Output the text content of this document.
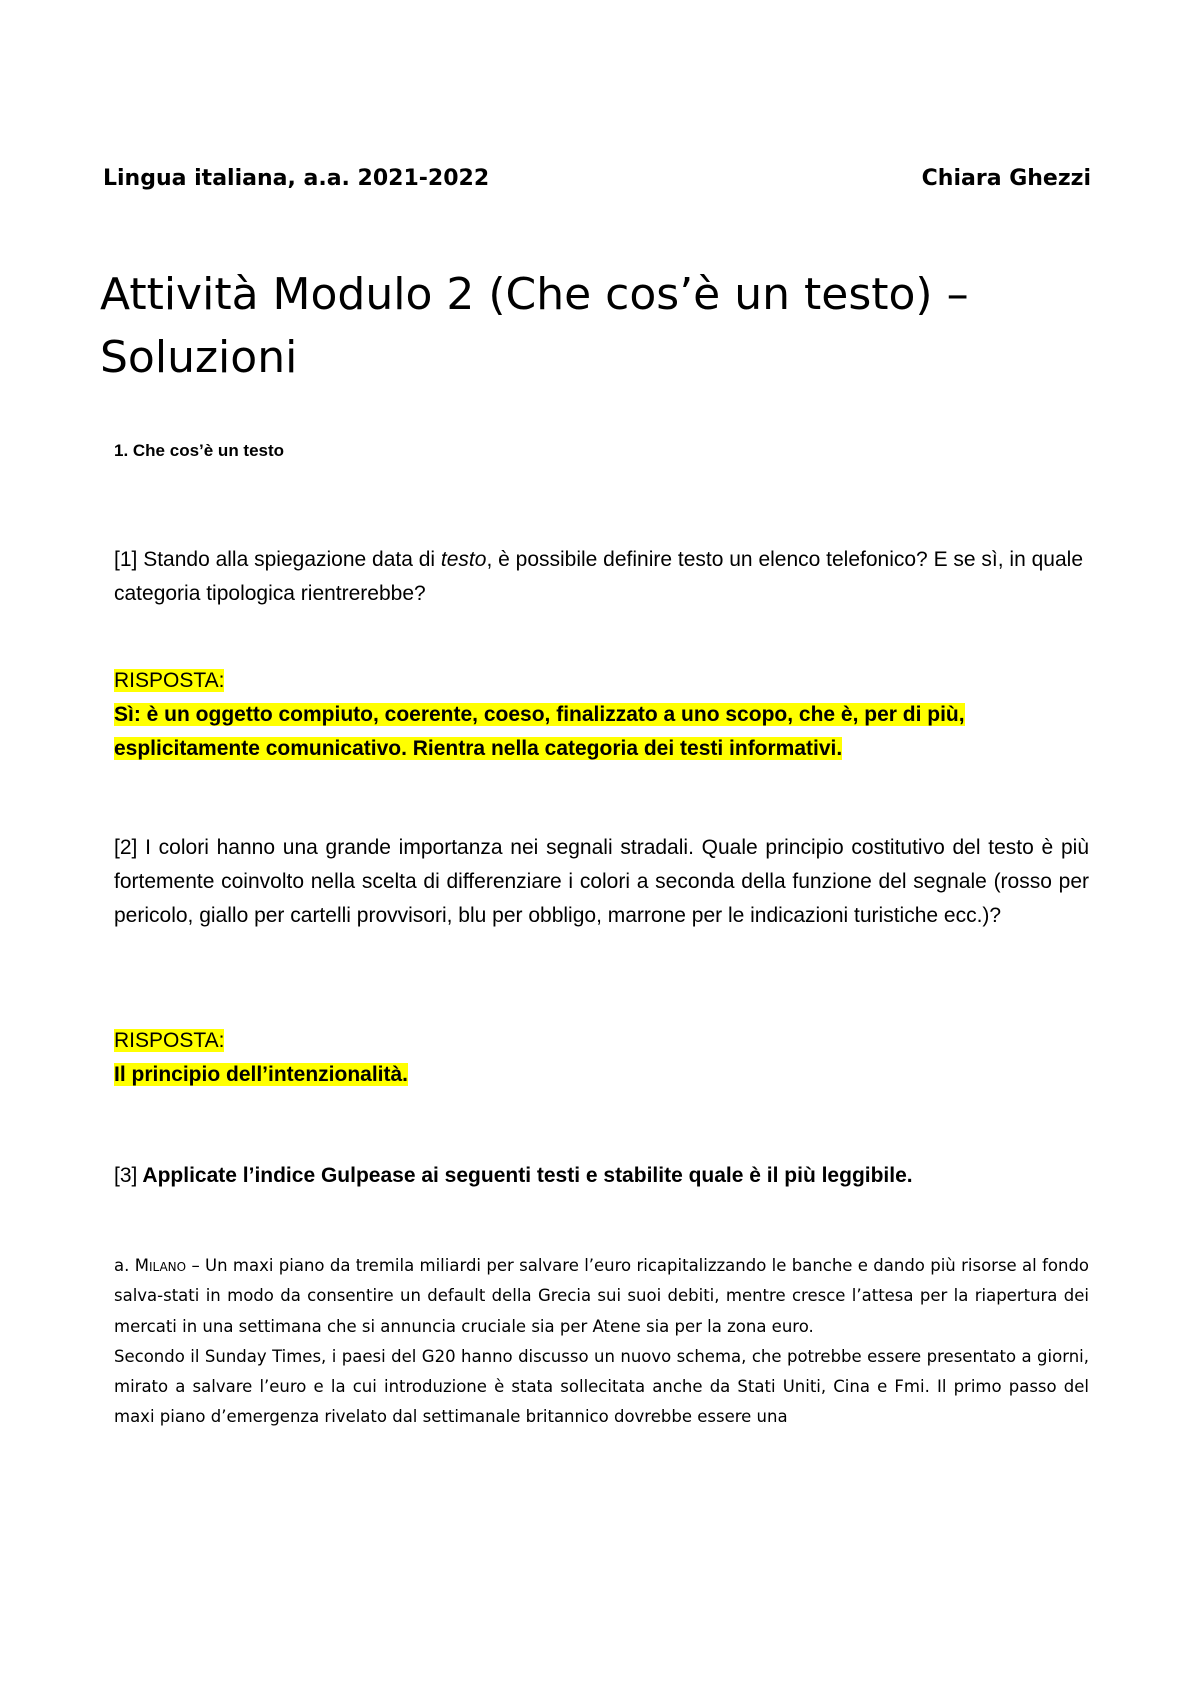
Lingua italiana, a.a. 2021-2022	Chiara Ghezzi
Attività Modulo 2 (Che cos’è un testo) – Soluzioni
1. Che cos’è un testo
[1] Stando alla spiegazione data di testo, è possibile definire testo un elenco telefonico? E se sì, in quale categoria tipologica rientrerebbe?
RISPOSTA:
Sì: è un oggetto compiuto, coerente, coeso, finalizzato a uno scopo, che è, per di più,
esplicitamente comunicativo. Rientra nella categoria dei testi informativi.
[2] I colori hanno una grande importanza nei segnali stradali. Quale principio costitutivo del testo è più fortemente coinvolto nella scelta di differenziare i colori a seconda della funzione del segnale (rosso per pericolo, giallo per cartelli provvisori, blu per obbligo, marrone per le indicazioni turistiche ecc.)?
RISPOSTA:
Il principio dell’intenzionalità.
[3] Applicate l’indice Gulpease ai seguenti testi e stabilite quale è il più leggibile.

a. Milano – Un maxi piano da tremila miliardi per salvare l’euro ricapitalizzando le banche e dando più risorse al fondo salva-stati in modo da consentire un default della Grecia sui suoi debiti, mentre cresce l’attesa per la riapertura dei mercati in una settimana che si annuncia cruciale sia per Atene sia per la zona euro.

Secondo il Sunday Times, i paesi del G20 hanno discusso un nuovo schema, che potrebbe essere presentato a giorni, mirato a salvare l’euro e la cui introduzione è stata sollecitata anche da Stati Uniti, Cina e Fmi. Il primo passo del maxi piano d’emergenza rivelato dal settimanale britannico dovrebbe essere una
